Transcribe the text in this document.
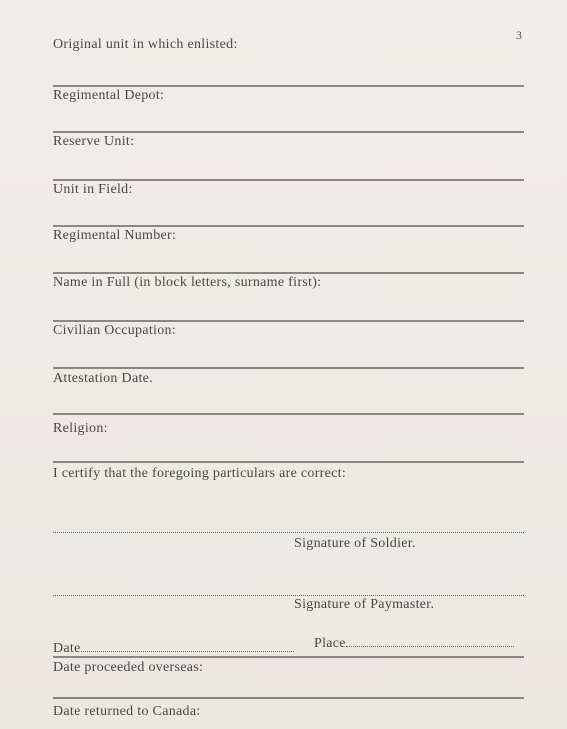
3
Original unit in which enlisted:
Regimental Depot:
Reserve Unit:
Unit in Field:
Regimental Number:
Name in Full (in block letters, surname first):
Civilian Occupation:
Attestation Date.
Religion:
I certify that the foregoing particulars are correct:
Signature of Soldier.
Signature of Paymaster.
Date	Place
Date proceeded overseas:
Date returned to Canada:
